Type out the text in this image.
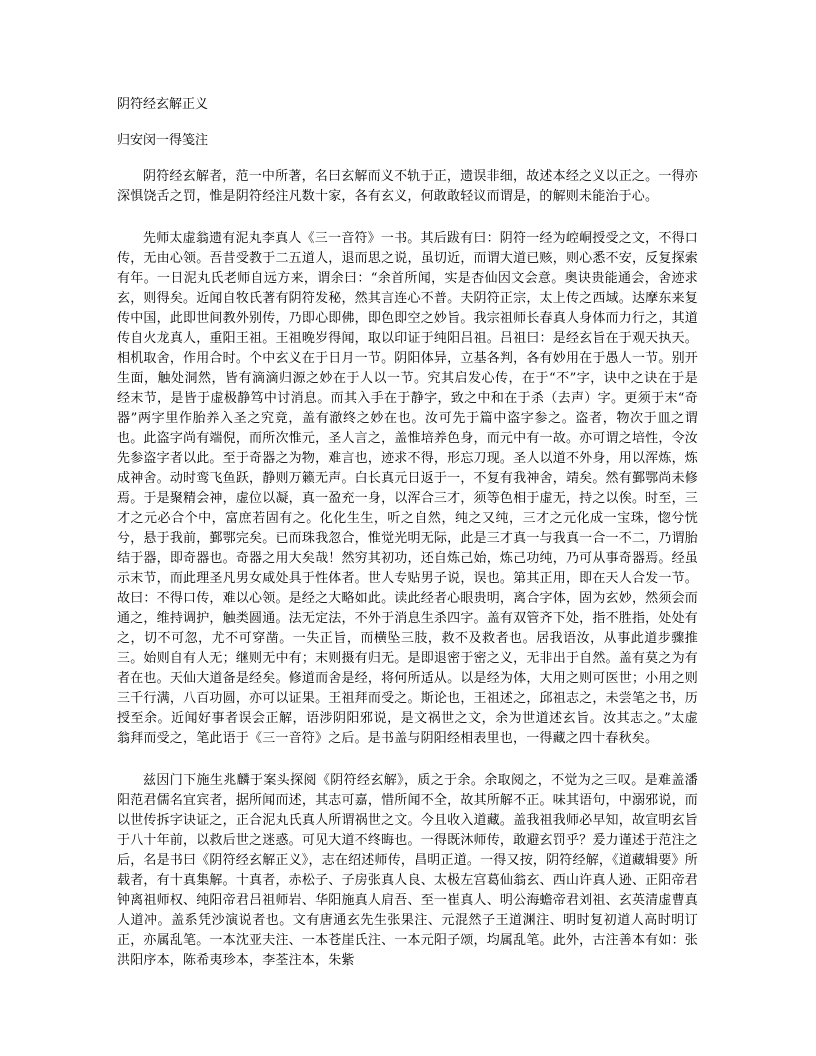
阴符经玄解正义
归安闵一得笺注

阴符经玄解者，范一中所著，名曰玄解而义不轨于正，遗误非细，故述本经之义以正之。一得亦深惧饶舌之罚，惟是阴符经注凡数十家，各有玄义，何敢敢轻议而谓是，的解则未能治于心。

先师太虚翁遗有泥丸李真人《三一音符》一书。其后跋有曰：阴符一经为崆峒授受之文，不得口传，无由心领。吾昔受教于二五道人，退而思之说，虽切近，而谓大道已赅，则心悉不安，反复探索有年。一日泥丸氏老师自远方来，谓余曰：“余首所闻，实是杏仙因文会意。奥诀贵能通会，舍迹求玄，则得矣。近闻自牧氏著有阴符发秘，然其言连心不普。夫阴符正宗，太上传之西域。达摩东来复传中国，此即世间教外别传，乃即心即佛，即色即空之妙旨。我宗祖师长春真人身体而力行之，其道传自火龙真人，重阳王祖。王祖晚岁得闻，取以印证于纯阳吕祖。吕祖曰：是经玄旨在于观天执天。相机取舍，作用合时。个中玄义在于日月一节。阴阳体异，立基各判，各有妙用在于愚人一节。别开生面，触处洞然，皆有滴滴归源之妙在于人以一节。究其启发心传，在于“不”字，诀中之诀在于是经末节，是皆于虚极静笃中讨消息。而其入手在于静字，致之中和在于杀（去声）字。更须于末“奇器”两字里作胎养入圣之究竟，盖有澈终之妙在也。汝可先于篇中盗字参之。盗者，物次于皿之谓也。此盗字尚有端倪，而所次惟元，圣人言之，盖惟培养色身，而元中有一故。亦可谓之培性，令汝先参盗字者以此。至于奇器之为物，难言也，迹求不得，形忘刀现。圣人以道不外身，用以浑炼，炼成神舍。动时鸾飞鱼跃，静则万籁无声。白长真元日返于一，不复有我神舍，靖矣。然有鄞鄂尚未修焉。于是聚精会神，虚位以凝，真一盈充一身，以浑合三才，须等色相于虚无，持之以俟。时至，三才之元必合个中，富庶若固有之。化化生生，听之自然，纯之又纯，三才之元化成一宝珠，惚兮恍兮，悬于我前，鄞鄂完矣。已而珠我忽合，惟觉光明无际，此是三才真一与我真一合一不二，乃谓胎结于器，即奇器也。奇器之用大矣哉！然穷其初功，还自炼己始，炼己功纯，乃可从事奇器焉。经虽示末节，而此理圣凡男女咸处具于性体者。世人专贴男子说，误也。第其正用，即在天人合发一节。故曰：不得口传，难以心领。是经之大略如此。读此经者心眼贵明，离合字体，固为玄妙，然须会而通之，维持调护，触类圆通。法无定法，不外于消息生杀四字。盖有双管齐下处，指不胜指，处处有之，切不可忽，尤不可穿凿。一失正旨，而横坠三肢，救不及救者也。居我语汝，从事此道步骤推三。始则自有人无；继则无中有；末则摄有归无。是即退密于密之义，无非出于自然。盖有莫之为有者在也。天仙大道备是经矣。修道而舍是经，将何所适从。以是经为体，大用之则可医世；小用之则三千行满，八百功圆，亦可以证果。王祖拜而受之。斯论也，王祖述之，邱祖志之，未尝笔之书，历授至余。近闻好事者误会正解，语涉阴阳邪说，是文祸世之文，余为世道述玄旨。汝其志之。”太虚翁拜而受之，笔此语于《三一音符》之后。是书盖与阴阳经相表里也，一得藏之四十春秋矣。

兹因门下施生兆麟于案头探阅《阴符经玄解》，质之于余。余取阅之，不觉为之三叹。是难盖潘阳范君儒名宜宾者，据所闻而述，其志可嘉，惜所闻不全，故其所解不正。味其语句，中溺邪说，而以世传拆字诀证之，正合泥丸氏真人所谓祸世之文。今且收入道藏。盖我祖我师必早知，故宣明玄旨于八十年前，以救后世之迷惑。可见大道不终晦也。一得既沐师传，敢避玄罚乎？爰力谨述于范注之后，名是书曰《阴符经玄解正义》，志在绍述师传，昌明正道。一得又按，阴符经解，《道藏辑要》所载者，有十真集解。十真者，赤松子、子房张真人良、太极左宫葛仙翁玄、西山许真人逊、正阳帝君钟离祖师权、纯阳帝君吕祖师岩、华阳施真人肩吾、至一崔真人、明公海蟾帝君刘祖、玄英清虚曹真人道冲。盖系凭沙演说者也。文有唐通玄先生张果注、元混然子王道渊注、明时复初道人高时明订正，亦属乱笔。一本沈亚夫注、一本苍崖氏注、一本元阳子颂，均属乱笔。此外，古注善本有如：张洪阳序本，陈希夷珍本，李荃注本，朱紫
